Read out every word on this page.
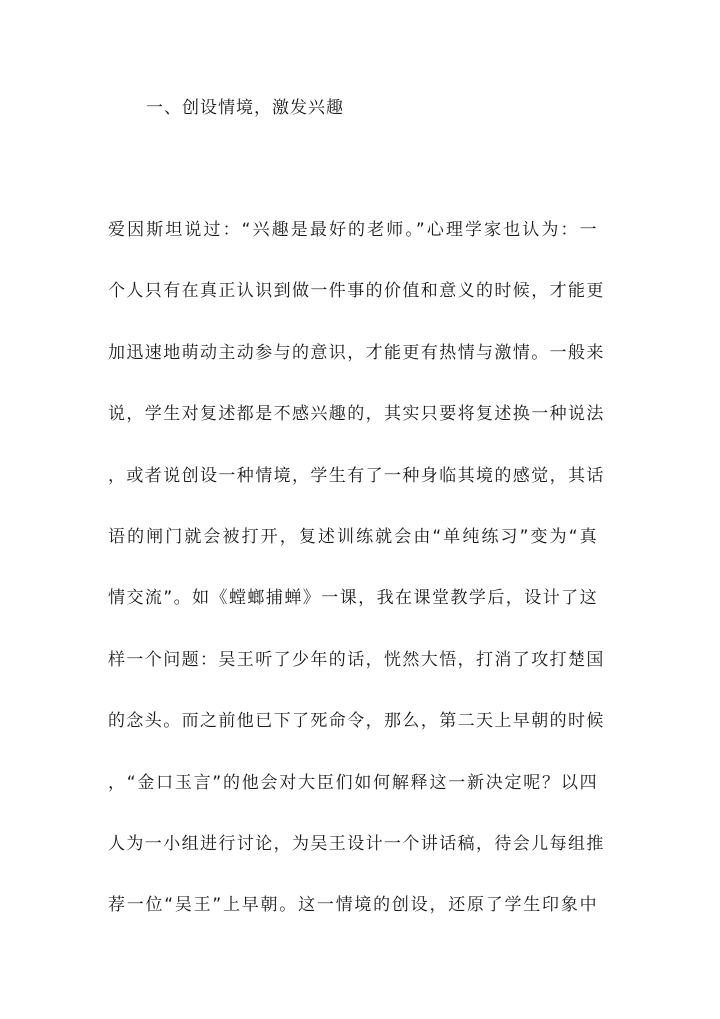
一、创设情境，激发兴趣
爱因斯坦说过：“兴趣是最好的老师。”心理学家也认为：一
个人只有在真正认识到做一件事的价值和意义的时候，才能更
加迅速地萌动主动参与的意识，才能更有热情与激情。一般来
说，学生对复述都是不感兴趣的，其实只要将复述换一种说法
，或者说创设一种情境，学生有了一种身临其境的感觉，其话
语的闸门就会被打开，复述训练就会由“单纯练习”变为“真
情交流”。如《螳螂捕蝉》一课，我在课堂教学后，设计了这
样一个问题：吴王听了少年的话，恍然大悟，打消了攻打楚国
的念头。而之前他已下了死命令，那么，第二天上早朝的时候
，“金口玉言”的他会对大臣们如何解释这一新决定呢？以四
人为一小组进行讨论，为吴王设计一个讲话稿，待会儿每组推
荐一位“吴王”上早朝。这一情境的创设，还原了学生印象中
